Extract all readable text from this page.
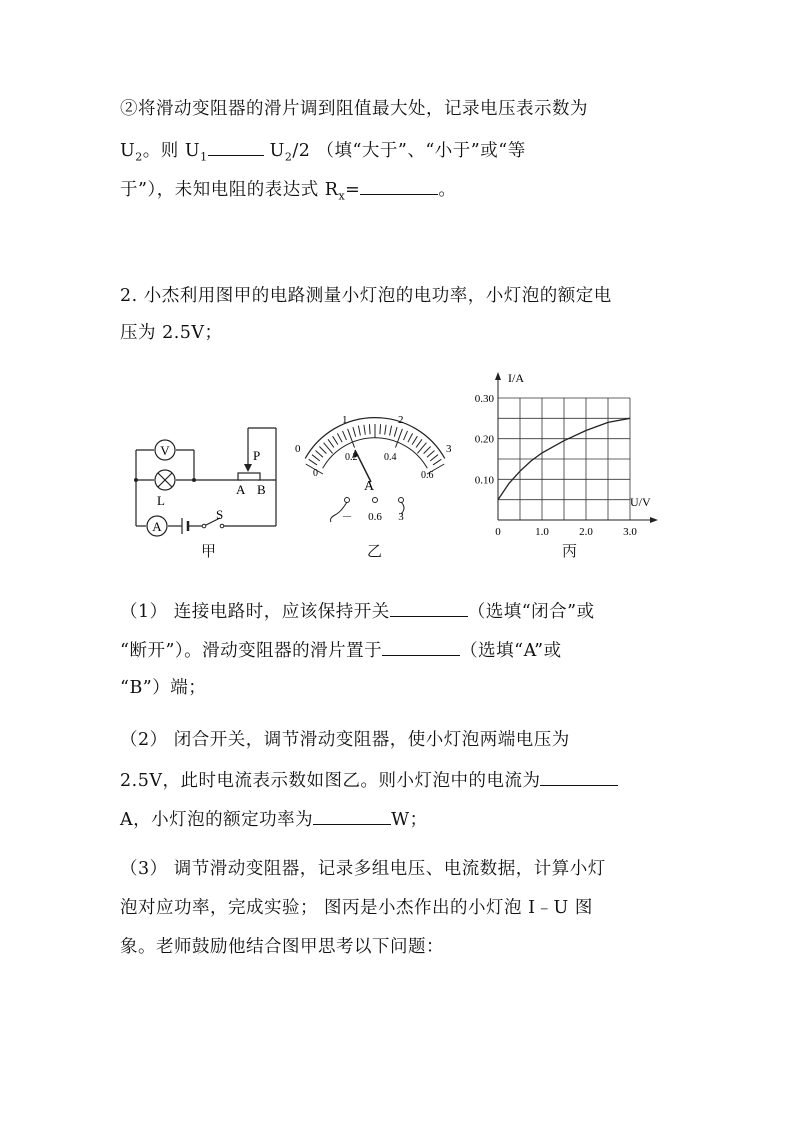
②将滑动变阻器的滑片调到阻值最大处，记录电压表示数为
$U_2$。则 $U_1$	$U_2/2$ （填“大于”、“小于”或“等
于”），未知电阻的表达式 $R_x=$	。
2. 小杰利用图甲的电路测量小灯泡的电功率，小灯泡的额定电
压为 2.5V；
V
A
L
P
A B
S
甲
0
1	2
3
0
0.2	0.4
0.6
A
－ 0.6 3
乙
0	1.0	2.0	3.0
0.10
0.20
0.30
I/A
U/V
丙
（1） 连接电路时，应该保持开关	（选填“闭合”或
“断开”）。滑动变阻器的滑片置于	（选填“A”或
“B”）端；
（2） 闭合开关，调节滑动变阻器，使小灯泡两端电压为
2.5V，此时电流表示数如图乙。则小灯泡中的电流为
A，小灯泡的额定功率为	W；
（3） 调节滑动变阻器，记录多组电压、电流数据，计算小灯
泡对应功率，完成实验； 图丙是小杰作出的小灯泡 I﹣U 图
象。老师鼓励他结合图甲思考以下问题：
